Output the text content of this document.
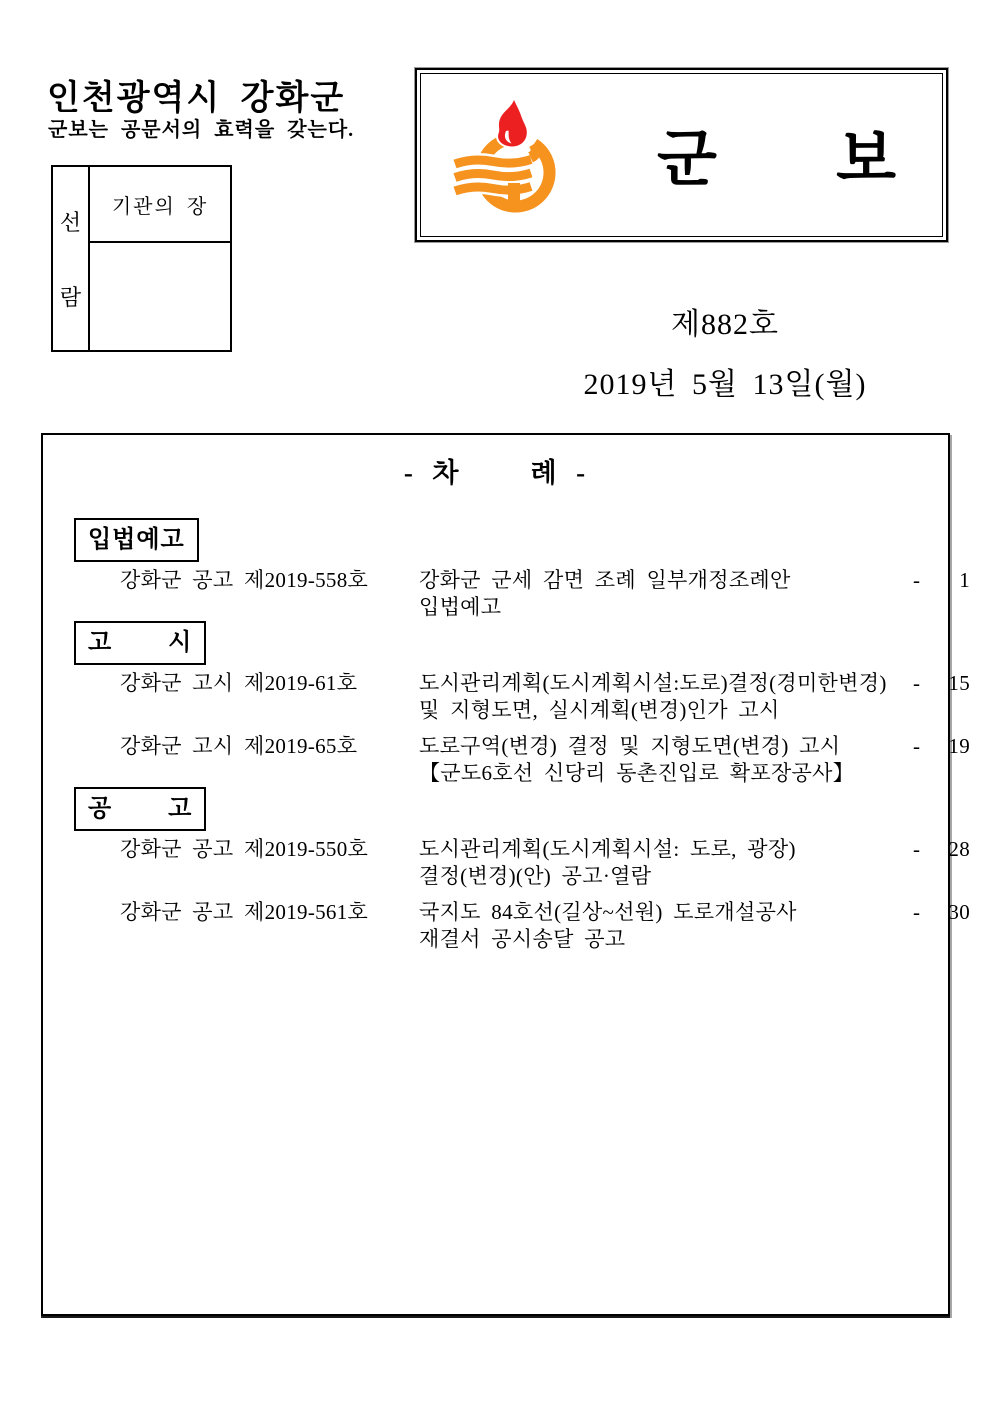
인천광역시 강화군
군보는 공문서의 효력을 갖는다.
선
람
기관의 장
군 보
제882호
2019년 5월 13일(월)
-  차        례  -
입법예고
강화군 공고 제2019-558호	강화군 군세 감면 조례 일부개정조례안
입법예고
- 1
고        시
강화군 고시 제2019-61호	도시관리계획(도시계획시설:도로)결정(경미한변경)
및 지형도면, 실시계획(변경)인가 고시
- 15
강화군 고시 제2019-65호	도로구역(변경) 결정 및 지형도면(변경) 고시
【군도6호선 신당리 동촌진입로 확포장공사】
- 19
공        고
강화군 공고 제2019-550호	도시관리계획(도시계획시설: 도로, 광장)
결정(변경)(안) 공고·열람
- 28
강화군 공고 제2019-561호	국지도 84호선(길상~선원) 도로개설공사
재결서 공시송달 공고
- 30
